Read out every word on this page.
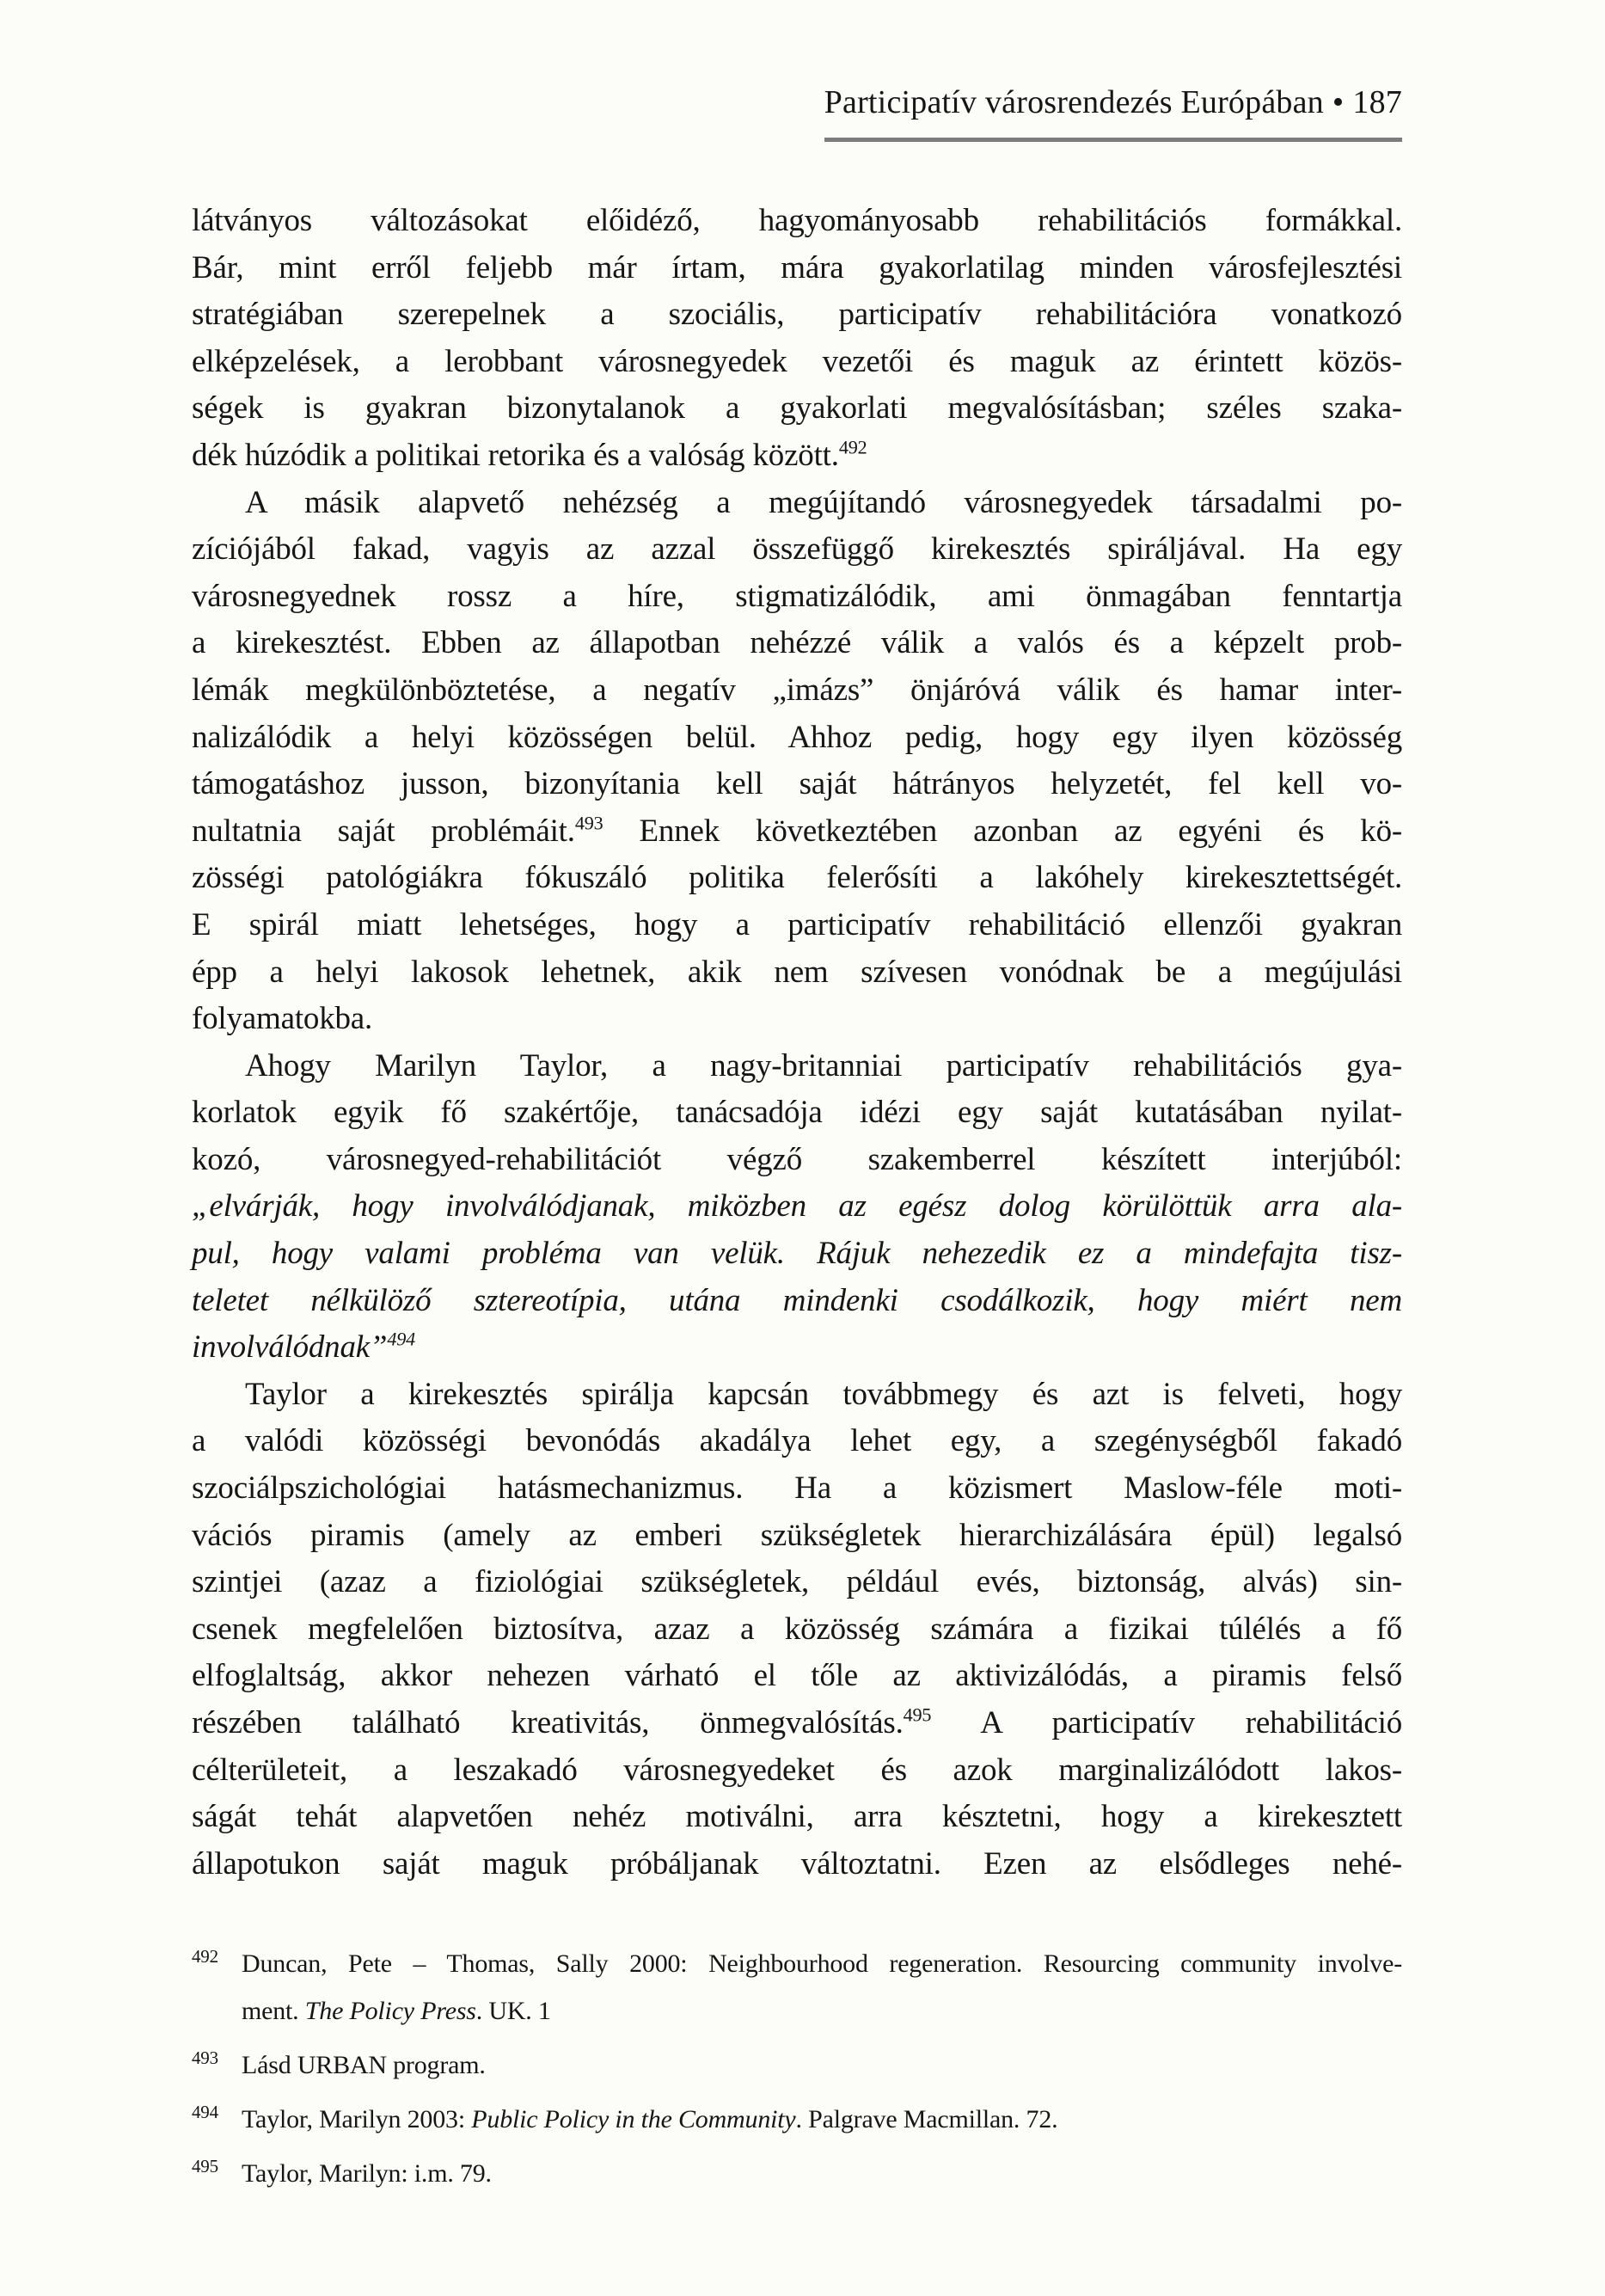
Participatív városrendezés Európában • 187
látványos változásokat előidéző, hagyományosabb rehabilitációs formákkal.
Bár, mint erről feljebb már írtam, mára gyakorlatilag minden városfejlesztési
stratégiában szerepelnek a szociális, participatív rehabilitációra vonatkozó
elképzelések, a lerobbant városnegyedek vezetői és maguk az érintett közös-
ségek is gyakran bizonytalanok a gyakorlati megvalósításban; széles szaka-
dék húzódik a politikai retorika és a valóság között.$^{492}$
A másik alapvető nehézség a megújítandó városnegyedek társadalmi po-
zíciójából fakad, vagyis az azzal összefüggő kirekesztés spiráljával. Ha egy
városnegyednek rossz a híre, stigmatizálódik, ami önmagában fenntartja
a kirekesztést. Ebben az állapotban nehézzé válik a valós és a képzelt prob-
lémák megkülönböztetése, a negatív „imázs” önjáróvá válik és hamar inter-
nalizálódik a helyi közösségen belül. Ahhoz pedig, hogy egy ilyen közösség
támogatáshoz jusson, bizonyítania kell saját hátrányos helyzetét, fel kell vo-
nultatnia saját problémáit.$^{493}$ Ennek következtében azonban az egyéni és kö-
zösségi patológiákra fókuszáló politika felerősíti a lakóhely kirekesztettségét.
E spirál miatt lehetséges, hogy a participatív rehabilitáció ellenzői gyakran
épp a helyi lakosok lehetnek, akik nem szívesen vonódnak be a megújulási
folyamatokba.
Ahogy Marilyn Taylor, a nagy-britanniai participatív rehabilitációs gya-
korlatok egyik fő szakértője, tanácsadója idézi egy saját kutatásában nyilat-
kozó, városnegyed-rehabilitációt végző szakemberrel készített interjúból:
„elvárják, hogy involválódjanak, miközben az egész dolog körülöttük arra ala-
pul, hogy valami probléma van velük. Rájuk nehezedik ez a mindefajta tisz-
teletet nélkülöző sztereotípia, utána mindenki csodálkozik, hogy miért nem
involválódnak”$^{494}$
Taylor a kirekesztés spirálja kapcsán továbbmegy és azt is felveti, hogy
a valódi közösségi bevonódás akadálya lehet egy, a szegénységből fakadó
szociálpszichológiai hatásmechanizmus. Ha a közismert Maslow-féle moti-
vációs piramis (amely az emberi szükségletek hierarchizálására épül) legalsó
szintjei (azaz a fiziológiai szükségletek, például evés, biztonság, alvás) sin-
csenek megfelelően biztosítva, azaz a közösség számára a fizikai túlélés a fő
elfoglaltság, akkor nehezen várható el tőle az aktivizálódás, a piramis felső
részében található kreativitás, önmegvalósítás.$^{495}$ A participatív rehabilitáció
célterületeit, a leszakadó városnegyedeket és azok marginalizálódott lakos-
ságát tehát alapvetően nehéz motiválni, arra késztetni, hogy a kirekesztett
állapotukon saját maguk próbáljanak változtatni. Ezen az elsődleges nehé-
492 Duncan, Pete – Thomas, Sally 2000: Neighbourhood regeneration. Resourcing community involve-
ment. The Policy Press. UK. 1
493 Lásd URBAN program.
494 Taylor, Marilyn 2003: Public Policy in the Community. Palgrave Macmillan. 72.
495 Taylor, Marilyn: i.m. 79.
